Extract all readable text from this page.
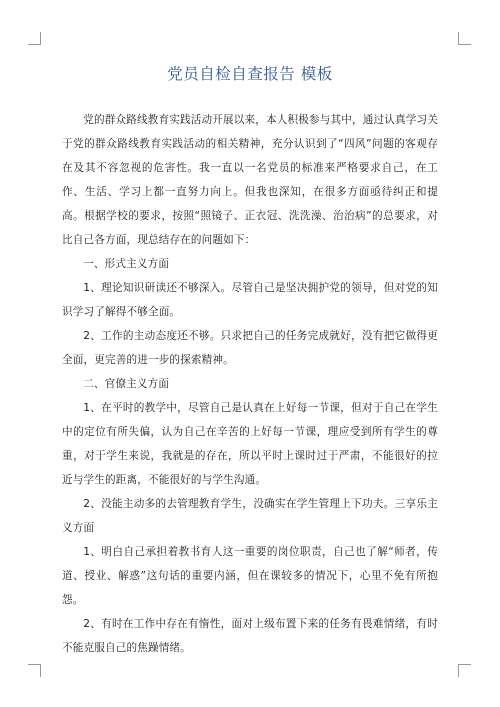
党员自检自查报告 模板

党的群众路线教育实践活动开展以来，本人积极参与其中，通过认真学习关于党的群众路线教育实践活动的相关精神，充分认识到了“四风”问题的客观存在及其不容忽视的危害性。我一直以一名党员的标准来严格要求自己，在工作、生活、学习上都一直努力向上。但我也深知，在很多方面亟待纠正和提高。根据学校的要求，按照“照镜子、正衣冠、洗洗澡、治治病”的总要求，对比自己各方面，现总结存在的问题如下：

一、形式主义方面

1、理论知识研读还不够深入。尽管自己是坚决拥护党的领导，但对党的知识学习了解得不够全面。

2、工作的主动态度还不够。只求把自己的任务完成就好，没有把它做得更全面，更完善的进一步的探索精神。

二、官僚主义方面

1、在平时的教学中，尽管自己是认真在上好每一节课，但对于自己在学生中的定位有所失偏，认为自己在辛苦的上好每一节课，理应受到所有学生的尊重，对于学生来说，我就是的存在，所以平时上课时过于严肃，不能很好的拉近与学生的距离，不能很好的与学生沟通。

2、没能主动多的去管理教育学生，没确实在学生管理上下功夫。三享乐主义方面

1、明白自己承担着教书育人这一重要的岗位职责，自己也了解“师者，传道、授业、解惑”这句话的重要内涵，但在课较多的情况下，心里不免有所抱怨。

2、有时在工作中存在有惰性，面对上级布置下来的任务有畏难情绪，有时不能克服自己的焦躁情绪。
